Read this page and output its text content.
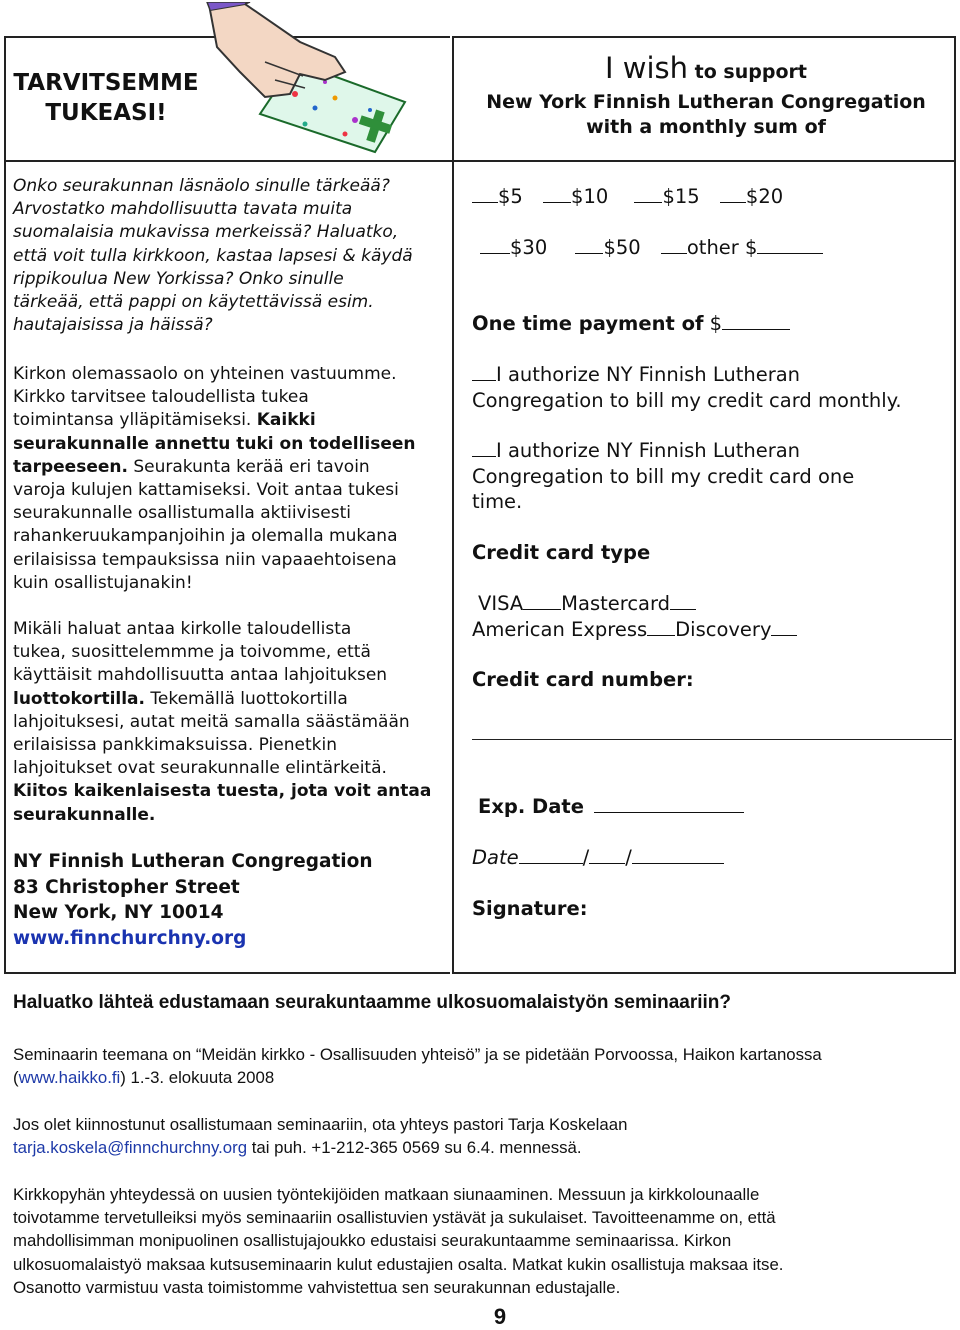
TARVITSEMME
TUKEASI!
I wish to support
New York Finnish Lutheran Congregation
with a monthly sum of
Onko seurakunnan läsnäolo sinulle tärkeää?
Arvostatko mahdollisuutta tavata muita
suomalaisia mukavissa merkeissä? Haluatko,
että voit tulla kirkkoon, kastaa lapsesi & käydä
rippikoulua New Yorkissa? Onko sinulle
tärkeää, että pappi on käytettävissä esim.
hautajaisissa ja häissä?
Kirkon olemassaolo on yhteinen vastuumme.
Kirkko tarvitsee taloudellista tukea
toimintansa ylläpitämiseksi. Kaikki
seurakunnalle annettu tuki on todelliseen
tarpeeseen. Seurakunta kerää eri tavoin
varoja kulujen kattamiseksi. Voit antaa tukesi
seurakunnalle osallistumalla aktiivisesti
rahankeruukampanjoihin ja olemalla mukana
erilaisissa tempauksissa niin vapaaehtoisena
kuin osallistujanakin!
Mikäli haluat antaa kirkolle taloudellista
tukea, suosittelemmme ja toivomme, että
käyttäisit mahdollisuutta antaa lahjoituksen
luottokortilla. Tekemällä luottokortilla
lahjoituksesi, autat meitä samalla säästämään
erilaisissa pankkimaksuissa. Pienetkin
lahjoitukset ovat seurakunnalle elintärkeitä.
Kiitos kaikenlaisesta tuesta, jota voit antaa
seurakunnalle.
NY Finnish Lutheran Congregation
83 Christopher Street
New York, NY 10014
www.finnchurchny.org
$5 $10	$15 $20
$30	$50 other $
One time payment of $
I authorize NY Finnish Lutheran
Congregation to bill my credit card monthly.
I authorize NY Finnish Lutheran
Congregation to bill my credit card one
time.
Credit card type
VISA Mastercard
American Express Discovery
Credit card number:
Exp. Date
Date	/ /
Signature:
Haluatko lähteä edustamaan seurakuntaamme ulkosuomalaistyön seminaariin?
Seminaarin teemana on “Meidän kirkko - Osallisuuden yhteisö” ja se pidetään Porvoossa, Haikon kartanossa
(www.haikko.fi) 1.-3. elokuuta 2008
Jos olet kiinnostunut osallistumaan seminaariin, ota yhteys pastori Tarja Koskelaan
tarja.koskela@finnchurchny.org tai puh. +1-212-365 0569 su 6.4. mennessä.
Kirkkopyhän yhteydessä on uusien työntekijöiden matkaan siunaaminen. Messuun ja kirkkolounaalle
toivotamme tervetulleiksi myös seminaariin osallistuvien ystävät ja sukulaiset. Tavoitteenamme on, että
mahdollisimman monipuolinen osallistujajoukko edustaisi seurakuntaamme seminaarissa. Kirkon
ulkosuomalaistyö maksaa kutsuseminaarin kulut edustajien osalta. Matkat kukin osallistuja maksaa itse.
Osanotto varmistuu vasta toimistomme vahvistettua sen seurakunnan edustajalle.
9
